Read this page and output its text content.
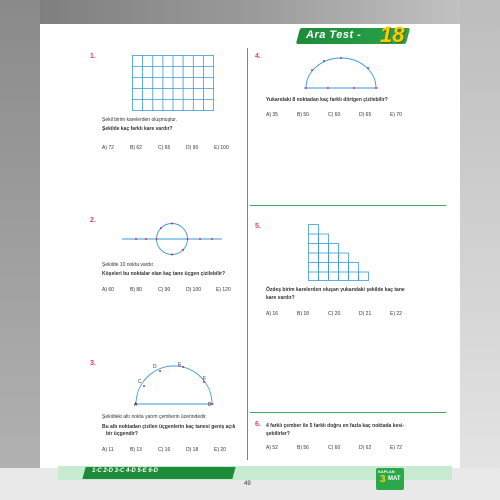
Ara Test - 18
1.
Şekil birim karelerden oluşmuştur.
Şekilde kaç farklı kare vardır?
A) 72	B) 62	C) 65	D) 90	E) 100
2.
Şekilde 10 nokta vardır.
Köşeleri bu noktalar olan kaç tane üçgen çizilebilir?
A) 60	B) 80	C) 90	D) 100	E) 120
3.
A	B
C
D	E
F
Şekildeki altı nokta yarım çemberin üzerindedir.
Bu altı noktadan çizilen üçgenlerin kaç tanesi geniş açılı
bir üçgendir?
A) 11	B) 13	C) 16	D) 18	E) 20
4.
Yukarıdaki 8 noktadan kaç farklı dörtgen çizilebilir?
A) 35	B) 50	C) 60	D) 65	E) 70
5.
Özdeş birim karelerden oluşan yukarıdaki şekilde kaç tane
kare vardır?
A) 16	B) 18	C) 20	D) 21	E) 22
6. 4 farklı çember ile 5 farklı doğru en fazla kaç noktada kesi-
şebilirler?
A) 52	B) 56	C) 60	D) 62	E) 72
1-C 2-D 3-C 4-D 5-E 6-D
49
KAPLAN
3 MAT
